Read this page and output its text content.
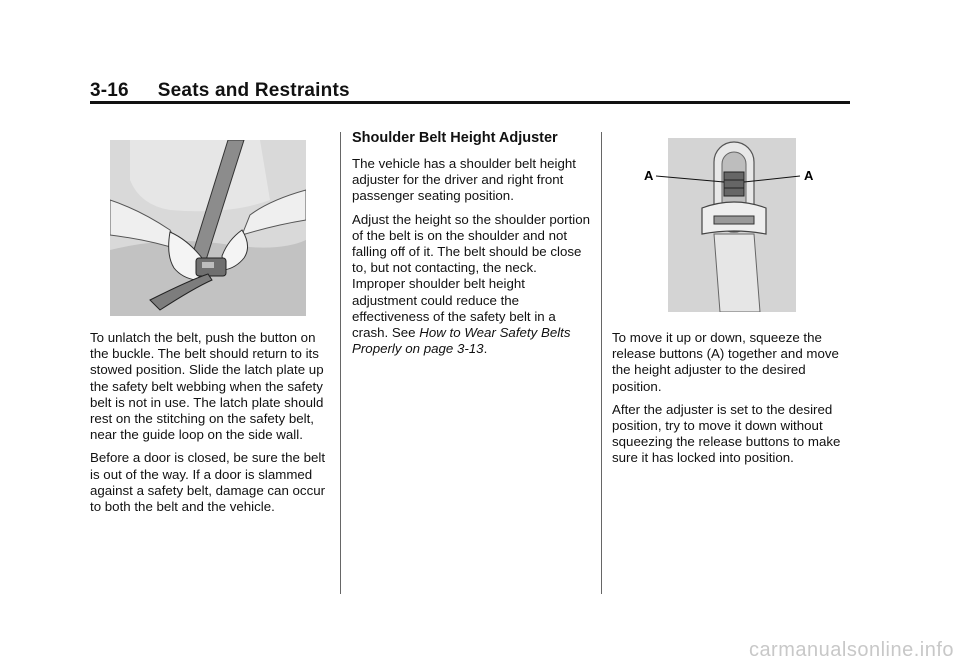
3-16 Seats and Restraints
A	A

To unlatch the belt, push the button on the buckle. The belt should return to its stowed position. Slide the latch plate up the safety belt webbing when the safety belt is not in use. The latch plate should rest on the stitching on the safety belt, near the guide loop on the side wall.

Before a door is closed, be sure the belt is out of the way. If a door is slammed against a safety belt, damage can occur to both the belt and the vehicle.

Shoulder Belt Height Adjuster

The vehicle has a shoulder belt height adjuster for the driver and right front passenger seating position.

Adjust the height so the shoulder portion of the belt is on the shoulder and not falling off of it. The belt should be close to, but not contacting, the neck. Improper shoulder belt height adjustment could reduce the effectiveness of the safety belt in a crash. See How to Wear Safety Belts Properly on page 3-13.

To move it up or down, squeeze the release buttons (A) together and move the height adjuster to the desired position.

After the adjuster is set to the desired position, try to move it down without squeezing the release buttons to make sure it has locked into position.

carmanualsonline.info
